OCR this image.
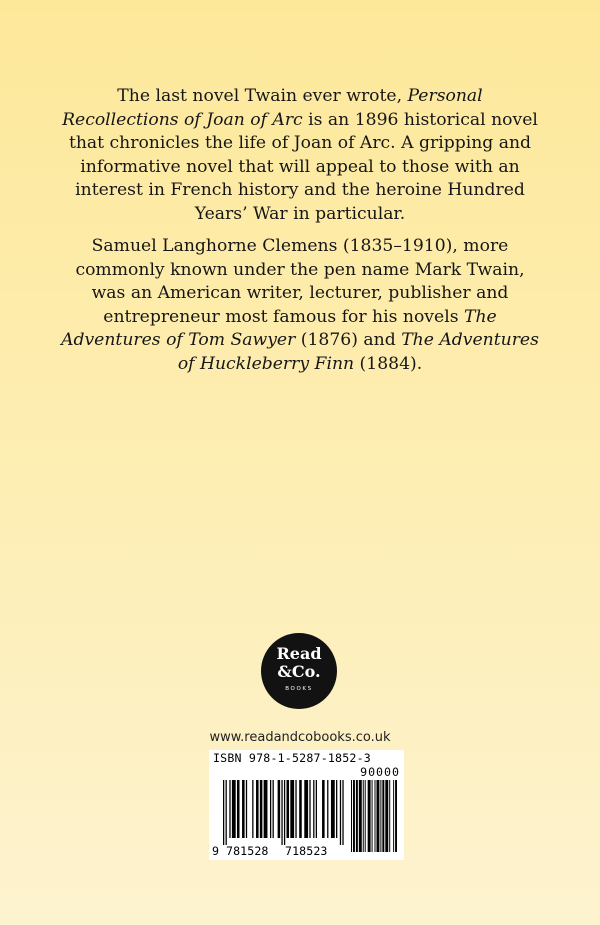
The last novel Twain ever wrote, Personal Recollections of Joan of Arc is an 1896 historical novel that chronicles the life of Joan of Arc. A gripping and informative novel that will appeal to those with an interest in French history and the heroine Hundred Years’ War in particular.

Samuel Langhorne Clemens (1835–1910), more commonly known under the pen name Mark Twain, was an American writer, lecturer, publisher and entrepreneur most famous for his novels The Adventures of Tom Sawyer (1876) and The Adventures of Huckleberry Finn (1884).

Read
&Co.
BOOKS
www.readandcobooks.co.uk
ISBN 978-1-5287-1852-3
90000
9 781528 718523
